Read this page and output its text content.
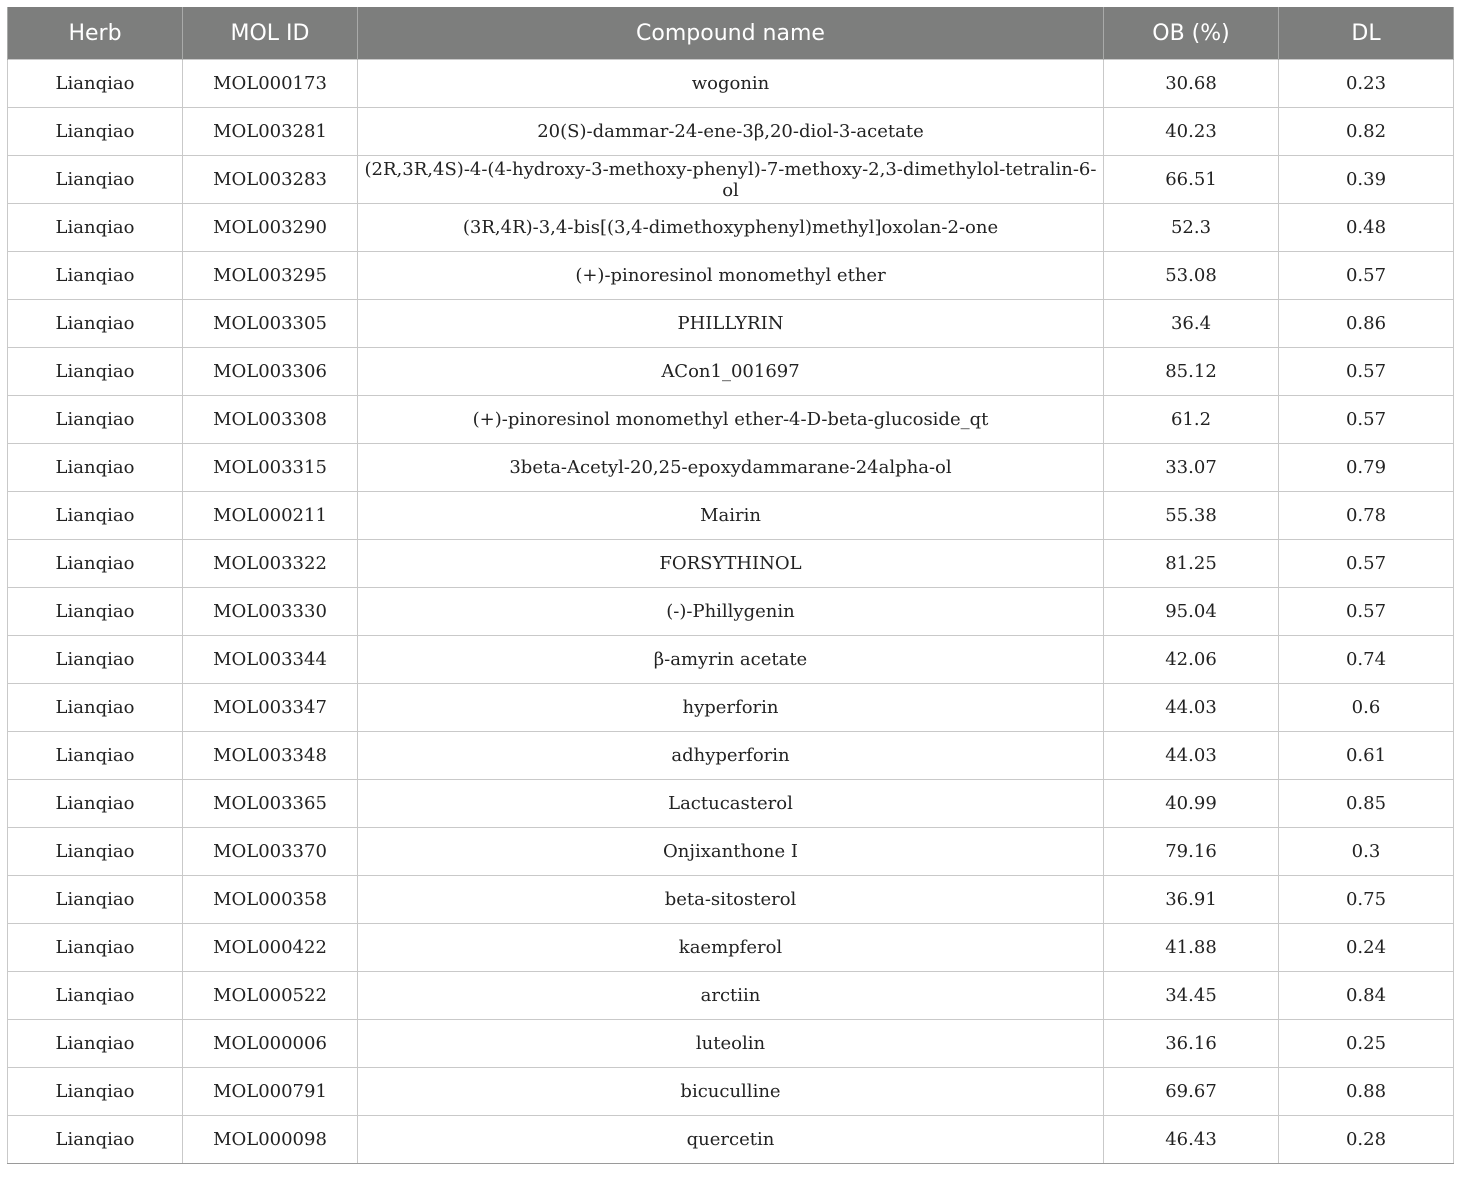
Herb	MOL ID	Compound name	OB (%)	DL
Lianqiao	MOL000173	wogonin	30.68	0.23
Lianqiao	MOL003281	20(S)-dammar-24-ene-3β,20-diol-3-acetate	40.23	0.82
Lianqiao	MOL003283	(2R,3R,4S)-4-(4-hydroxy-3-methoxy-phenyl)-7-methoxy-2,3-dimethylol-tetralin-6-ol	66.51	0.39
Lianqiao	MOL003290	(3R,4R)-3,4-bis[(3,4-dimethoxyphenyl)methyl]oxolan-2-one	52.3	0.48
Lianqiao	MOL003295	(+)-pinoresinol monomethyl ether	53.08	0.57
Lianqiao	MOL003305	PHILLYRIN	36.4	0.86
Lianqiao	MOL003306	ACon1_001697	85.12	0.57
Lianqiao	MOL003308	(+)-pinoresinol monomethyl ether-4-D-beta-glucoside_qt	61.2	0.57
Lianqiao	MOL003315	3beta-Acetyl-20,25-epoxydammarane-24alpha-ol	33.07	0.79
Lianqiao	MOL000211	Mairin	55.38	0.78
Lianqiao	MOL003322	FORSYTHINOL	81.25	0.57
Lianqiao	MOL003330	(-)-Phillygenin	95.04	0.57
Lianqiao	MOL003344	β-amyrin acetate	42.06	0.74
Lianqiao	MOL003347	hyperforin	44.03	0.6
Lianqiao	MOL003348	adhyperforin	44.03	0.61
Lianqiao	MOL003365	Lactucasterol	40.99	0.85
Lianqiao	MOL003370	Onjixanthone I	79.16	0.3
Lianqiao	MOL000358	beta-sitosterol	36.91	0.75
Lianqiao	MOL000422	kaempferol	41.88	0.24
Lianqiao	MOL000522	arctiin	34.45	0.84
Lianqiao	MOL000006	luteolin	36.16	0.25
Lianqiao	MOL000791	bicuculline	69.67	0.88
Lianqiao	MOL000098	quercetin	46.43	0.28
